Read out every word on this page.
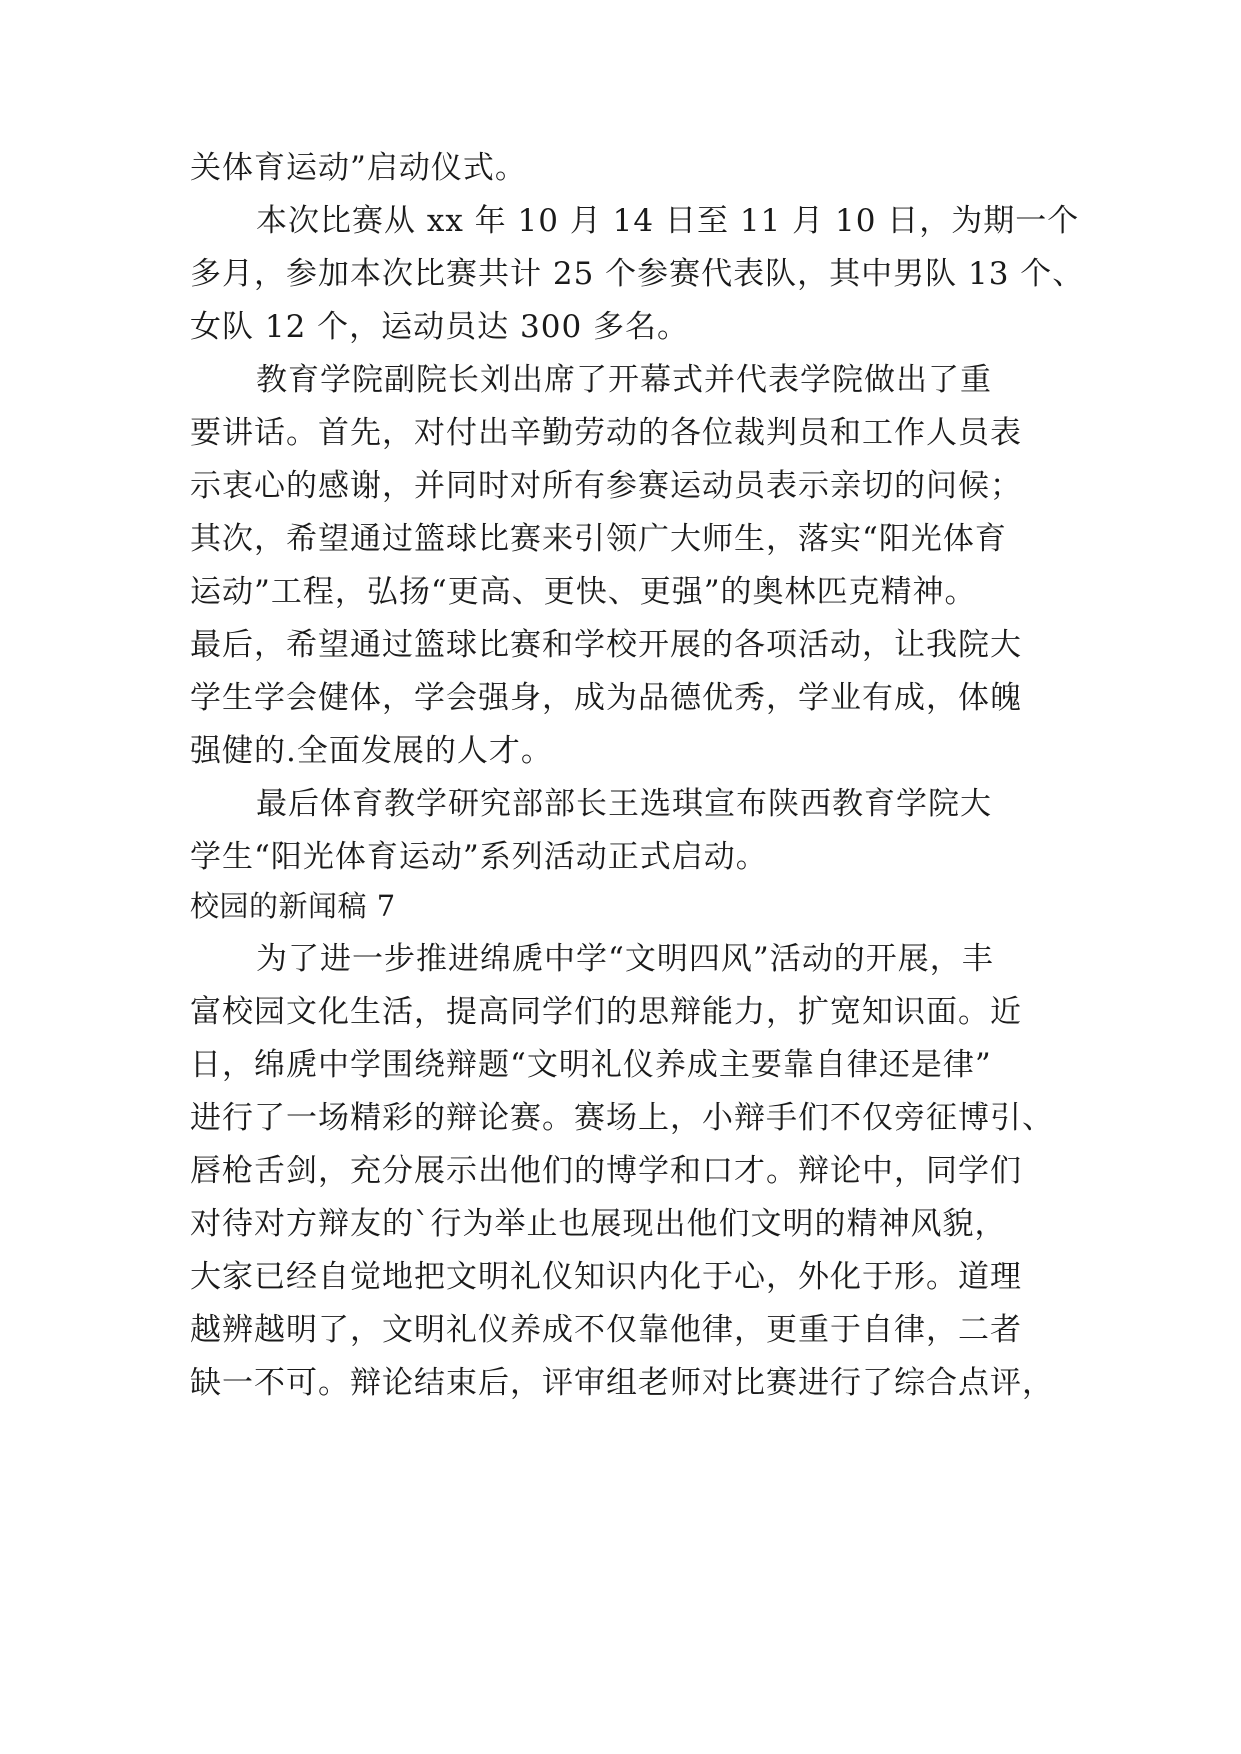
关体育运动”启动仪式。
本次比赛从 xx 年 10 月 14 日至 11 月 10 日，为期一个
多月，参加本次比赛共计 25 个参赛代表队，其中男队 13 个、
女队 12 个，运动员达 300 多名。
教育学院副院长刘出席了开幕式并代表学院做出了重
要讲话。首先，对付出辛勤劳动的各位裁判员和工作人员表
示衷心的感谢，并同时对所有参赛运动员表示亲切的问候；
其次，希望通过篮球比赛来引领广大师生，落实“阳光体育
运动”工程，弘扬“更高、更快、更强”的奥林匹克精神。
最后，希望通过篮球比赛和学校开展的各项活动，让我院大
学生学会健体，学会强身，成为品德优秀，学业有成，体魄
强健的.全面发展的人才。
最后体育教学研究部部长王选琪宣布陕西教育学院大
学生“阳光体育运动”系列活动正式启动。
校园的新闻稿 7
为了进一步推进绵虒中学“文明四风”活动的开展，丰
富校园文化生活，提高同学们的思辩能力，扩宽知识面。近
日，绵虒中学围绕辩题“文明礼仪养成主要靠自律还是律”
进行了一场精彩的辩论赛。赛场上，小辩手们不仅旁征博引、
唇枪舌剑，充分展示出他们的博学和口才。辩论中，同学们
对待对方辩友的`行为举止也展现出他们文明的精神风貌，
大家已经自觉地把文明礼仪知识内化于心，外化于形。道理
越辨越明了，文明礼仪养成不仅靠他律，更重于自律，二者
缺一不可。辩论结束后，评审组老师对比赛进行了综合点评，
